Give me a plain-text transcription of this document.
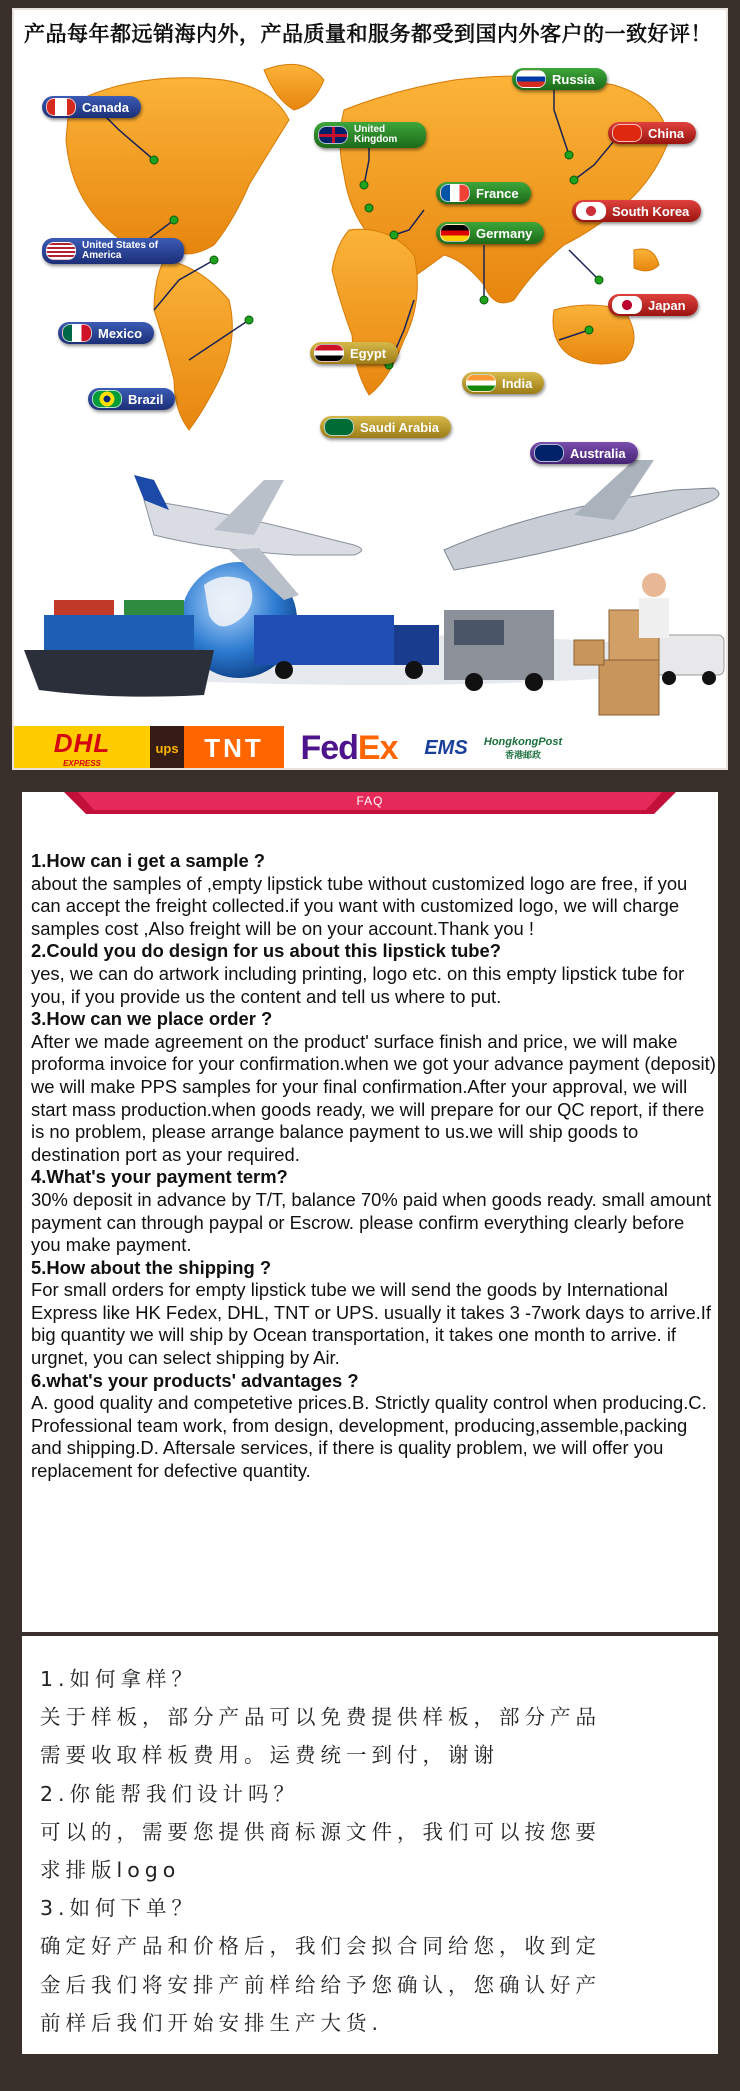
产品每年都远销海内外，产品质量和服务都受到国内外客户的一致好评！
Canada
United Kingdom
Russia
China
France
Germany
South Korea
United States of America
Mexico
Egypt
Japan
Brazil
India
Saudi Arabia
Australia
DHL
EXPRESS
ups TNT	Fed Ex	EMS	HongkongPost
香港邮政
FAQ

1.How can i get a sample ?

about the samples of ,empty lipstick tube without customized logo are free, if you can accept the freight collected.if you want with customized logo, we will charge samples cost ,Also freight will be on your account.Thank you !

2.Could you do design for us about this lipstick tube?

yes, we can do artwork including printing, logo etc. on this empty lipstick tube for you, if you provide us the content and tell us where to put.

3.How can we place order ?

After we made agreement on the product' surface finish and price, we will make proforma invoice for your confirmation.when we got your advance payment (deposit) we will make PPS samples for your final confirmation.After your approval, we will start mass production.when goods ready, we will prepare for our QC report, if there is no problem, please arrange balance payment to us.we will ship goods to destination port as your required.

4.What's your payment term?

30% deposit in advance by T/T, balance 70% paid when goods ready. small amount payment can through paypal or Escrow. please confirm everything clearly before you make payment.

5.How about the shipping ?

For small orders for empty lipstick tube we will send the goods by International Express like HK Fedex, DHL, TNT or UPS. usually it takes 3 -7work days to arrive.If big quantity we will ship by Ocean transportation, it takes one month to arrive. if urgnet, you can select shipping by Air.

6.what's your products' advantages ?

A. good quality and competetive prices.B. Strictly quality control when producing.C. Professional team work, from design, development, producing,assemble,packing and shipping.D. Aftersale services, if there is quality problem, we will offer you replacement for defective quantity.

1.如何拿样？

关于样板，部分产品可以免费提供样板，部分产品

需要收取样板费用。运费统一到付，谢谢

2.你能帮我们设计吗？

可以的，需要您提供商标源文件，我们可以按您要

求排版logo

3.如何下单？

确定好产品和价格后，我们会拟合同给您，收到定

金后我们将安排产前样给给予您确认，您确认好产

前样后我们开始安排生产大货.
